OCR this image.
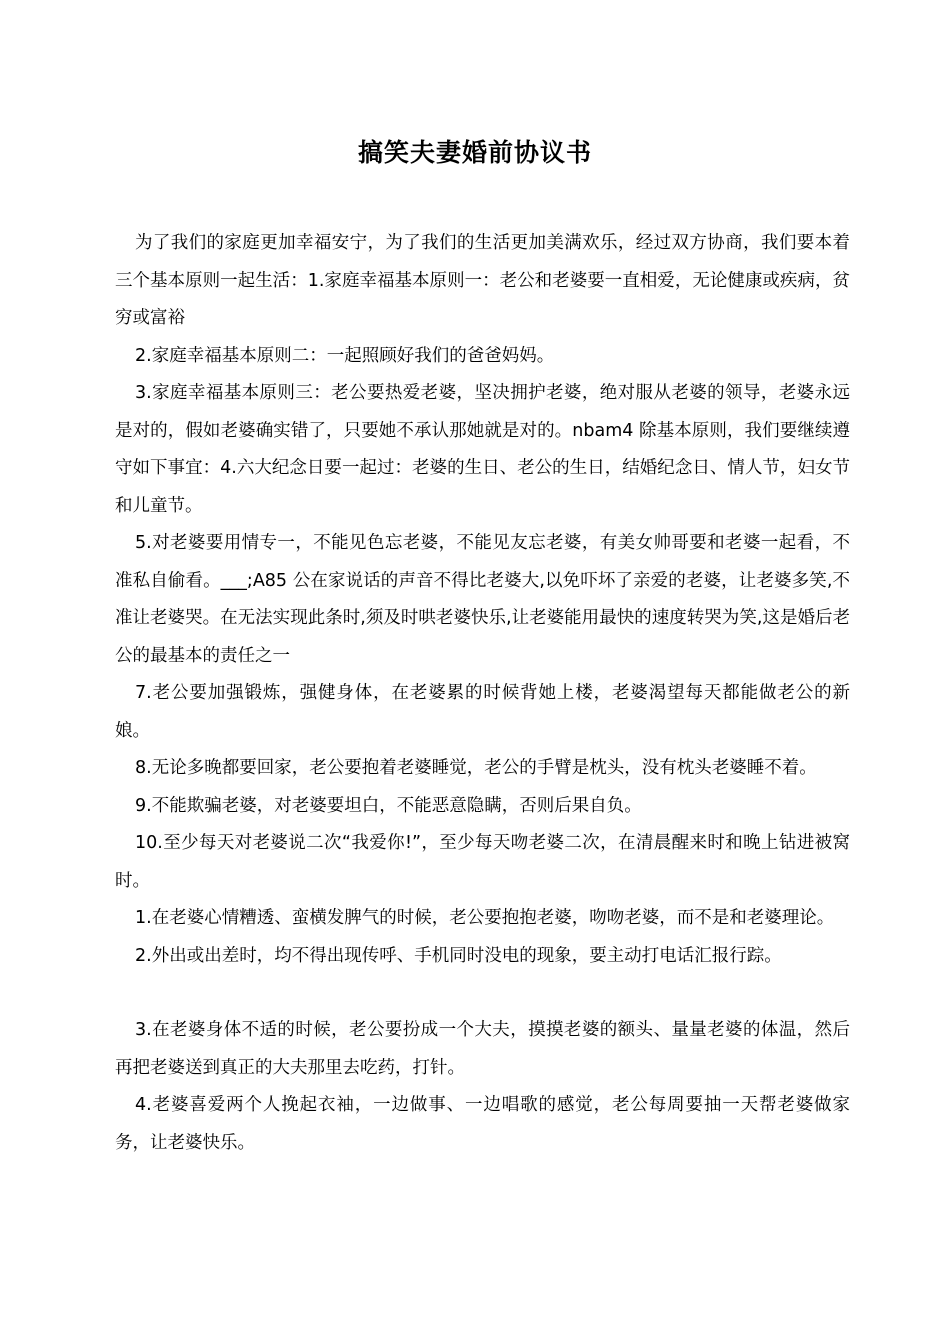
搞笑夫妻婚前协议书

为了我们的家庭更加幸福安宁，为了我们的生活更加美满欢乐，经过双方协商，我们要本着三个基本原则一起生活：1.家庭幸福基本原则一：老公和老婆要一直相爱，无论健康或疾病，贫穷或富裕

2.家庭幸福基本原则二：一起照顾好我们的爸爸妈妈。

3.家庭幸福基本原则三：老公要热爱老婆，坚决拥护老婆，绝对服从老婆的领导，老婆永远是对的，假如老婆确实错了，只要她不承认那她就是对的。nbam4 除基本原则，我们要继续遵守如下事宜：4.六大纪念日要一起过：老婆的生日、老公的生日，结婚纪念日、情人节，妇女节和儿童节。

5.对老婆要用情专一，不能见色忘老婆，不能见友忘老婆，有美女帅哥要和老婆一起看，不准私自偷看。___;A85 公在家说话的声音不得比老婆大,以免吓坏了亲爱的老婆，让老婆多笑,不准让老婆哭。在无法实现此条时,须及时哄老婆快乐,让老婆能用最快的速度转哭为笑,这是婚后老公的最基本的责任之一

7.老公要加强锻炼，强健身体，在老婆累的时候背她上楼，老婆渴望每天都能做老公的新娘。

8.无论多晚都要回家，老公要抱着老婆睡觉，老公的手臂是枕头，没有枕头老婆睡不着。

9.不能欺骗老婆，对老婆要坦白，不能恶意隐瞒，否则后果自负。

10.至少每天对老婆说二次“我爱你!”，至少每天吻老婆二次，在清晨醒来时和晚上钻进被窝时。

1.在老婆心情糟透、蛮横发脾气的时候，老公要抱抱老婆，吻吻老婆，而不是和老婆理论。

2.外出或出差时，均不得出现传呼、手机同时没电的现象，要主动打电话汇报行踪。

3.在老婆身体不适的时候，老公要扮成一个大夫，摸摸老婆的额头、量量老婆的体温，然后再把老婆送到真正的大夫那里去吃药，打针。

4.老婆喜爱两个人挽起衣袖，一边做事、一边唱歌的感觉，老公每周要抽一天帮老婆做家务，让老婆快乐。
